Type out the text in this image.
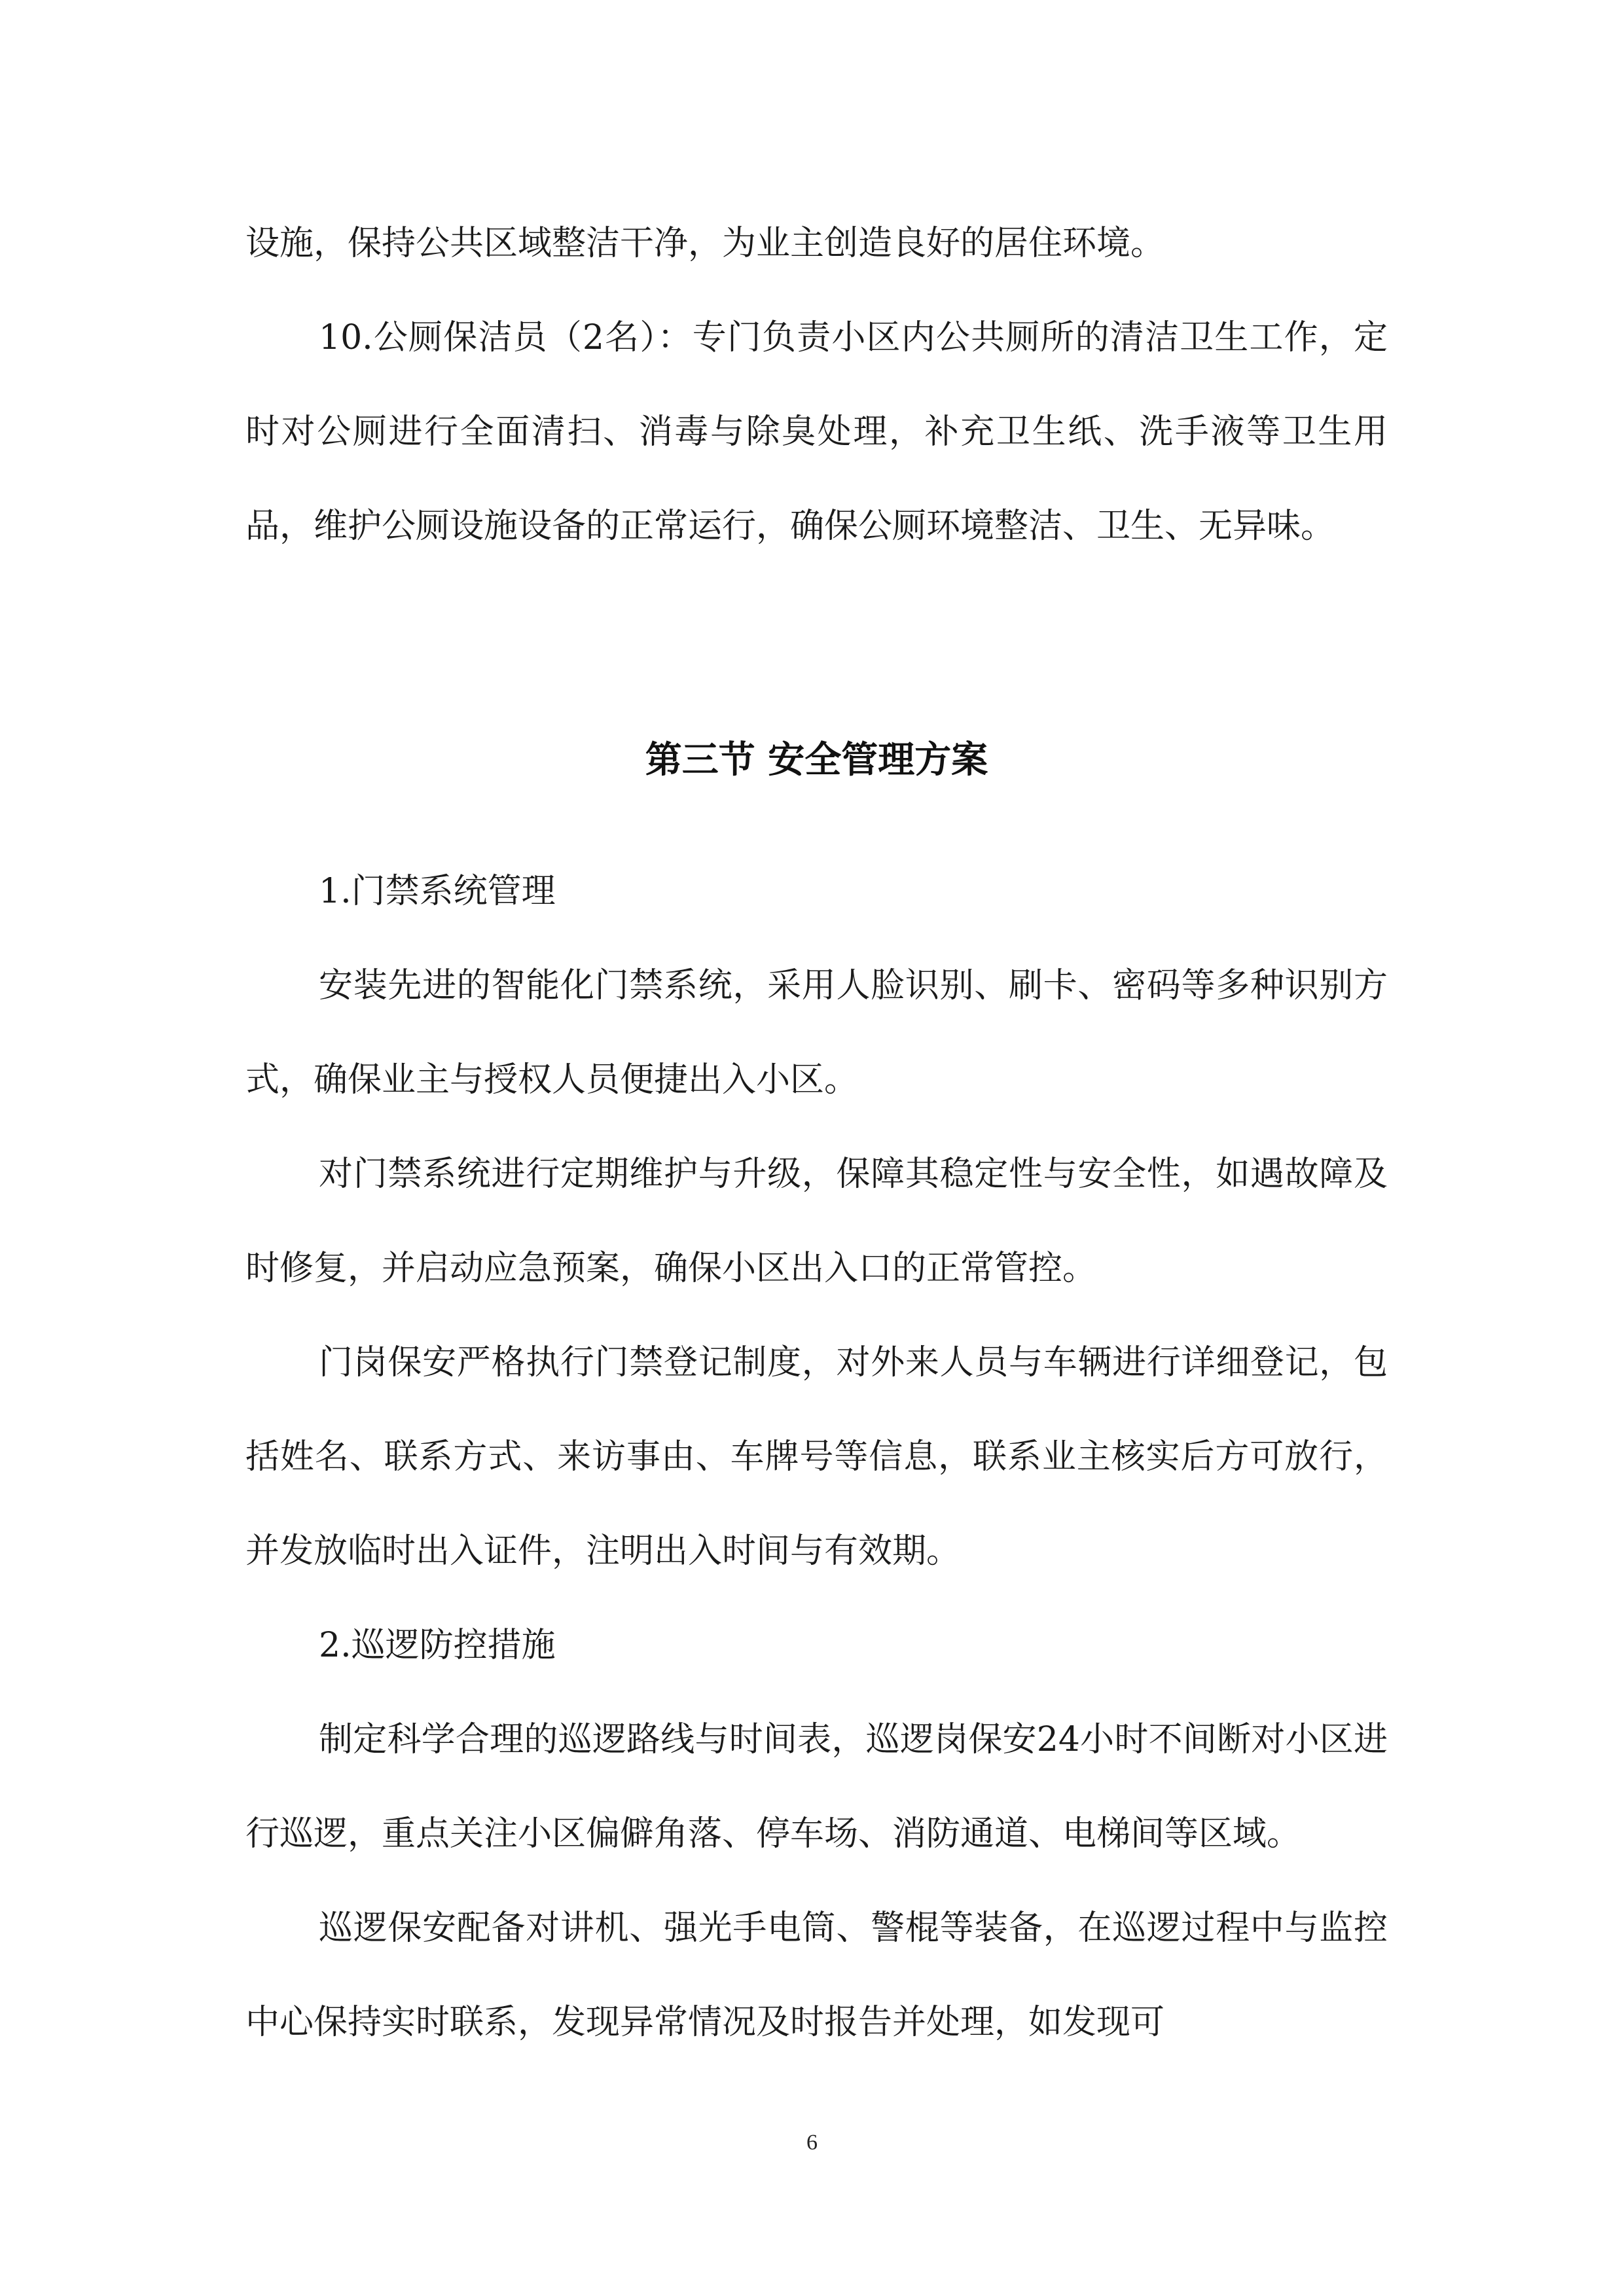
设施，保持公共区域整洁干净，为业主创造良好的居住环境。

10.公厕保洁员（2名）：专门负责小区内公共厕所的清洁卫生工作，定时对公厕进行全面清扫、消毒与除臭处理，补充卫生纸、洗手液等卫生用品，维护公厕设施设备的正常运行，确保公厕环境整洁、卫生、无异味。

第三节 安全管理方案

1.门禁系统管理

安装先进的智能化门禁系统，采用人脸识别、刷卡、密码等多种识别方式，确保业主与授权人员便捷出入小区。

对门禁系统进行定期维护与升级，保障其稳定性与安全性，如遇故障及时修复，并启动应急预案，确保小区出入口的正常管控。

门岗保安严格执行门禁登记制度，对外来人员与车辆进行详细登记，包括姓名、联系方式、来访事由、车牌号等信息，联系业主核实后方可放行，并发放临时出入证件，注明出入时间与有效期。

2.巡逻防控措施

制定科学合理的巡逻路线与时间表，巡逻岗保安24小时不间断对小区进行巡逻，重点关注小区偏僻角落、停车场、消防通道、电梯间等区域。

巡逻保安配备对讲机、强光手电筒、警棍等装备，在巡逻过程中与监控中心保持实时联系，发现异常情况及时报告并处理，如发现可

6
